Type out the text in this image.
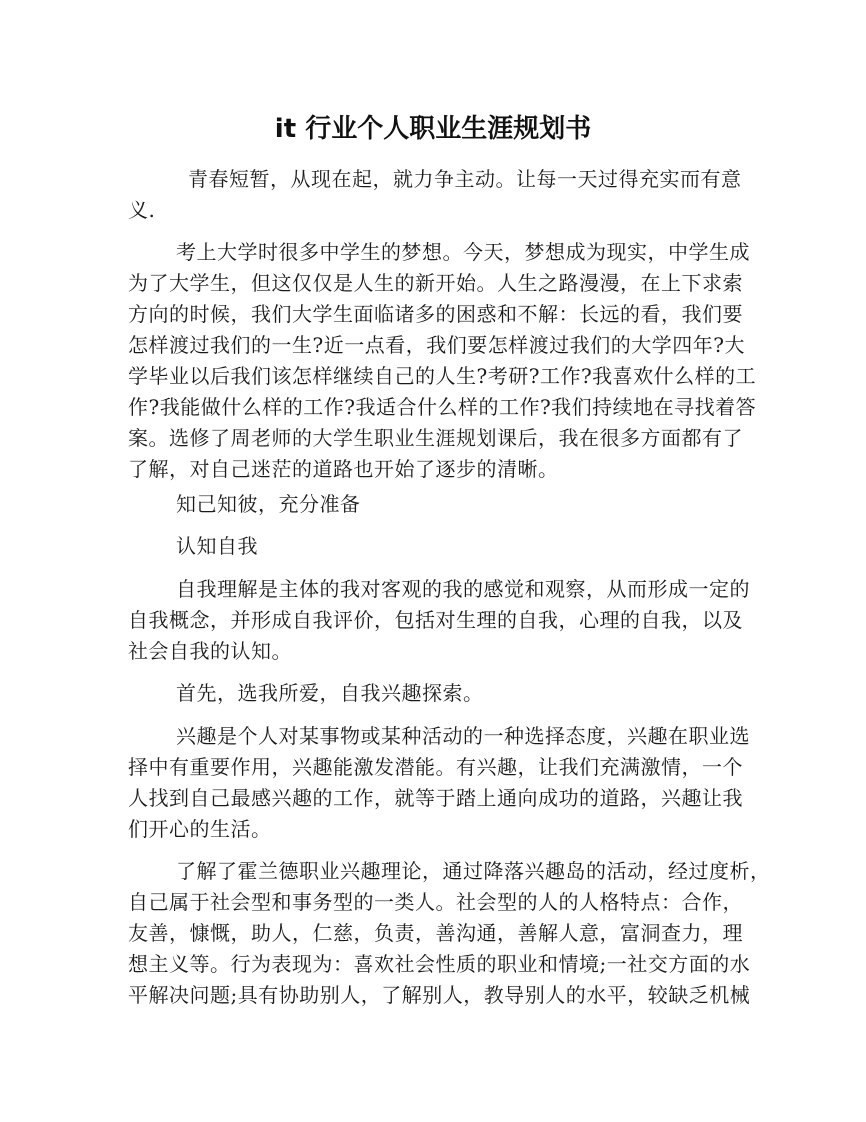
it 行业个人职业生涯规划书
青春短暂，从现在起，就力争主动。让每一天过得充实而有意
义.
考上大学时很多中学生的梦想。今天，梦想成为现实，中学生成
为了大学生，但这仅仅是人生的新开始。人生之路漫漫，在上下求索
方向的时候，我们大学生面临诸多的困惑和不解：长远的看，我们要
怎样渡过我们的一生?近一点看，我们要怎样渡过我们的大学四年?大
学毕业以后我们该怎样继续自己的人生?考研?工作?我喜欢什么样的工
作?我能做什么样的工作?我适合什么样的工作?我们持续地在寻找着答
案。选修了周老师的大学生职业生涯规划课后，我在很多方面都有了
了解，对自己迷茫的道路也开始了逐步的清晰。
知己知彼，充分准备
认知自我
自我理解是主体的我对客观的我的感觉和观察，从而形成一定的
自我概念，并形成自我评价，包括对生理的自我，心理的自我，以及
社会自我的认知。
首先，选我所爱，自我兴趣探索。
兴趣是个人对某事物或某种活动的一种选择态度，兴趣在职业选
择中有重要作用，兴趣能激发潜能。有兴趣，让我们充满激情，一个
人找到自己最感兴趣的工作，就等于踏上通向成功的道路，兴趣让我
们开心的生活。
了解了霍兰德职业兴趣理论，通过降落兴趣岛的活动，经过度析，
自己属于社会型和事务型的一类人。社会型的人的人格特点：合作，
友善，慷慨，助人，仁慈，负责，善沟通，善解人意，富洞查力，理
想主义等。行为表现为：喜欢社会性质的职业和情境;一社交方面的水
平解决问题;具有协助别人，了解别人，教导别人的水平，较缺乏机械
